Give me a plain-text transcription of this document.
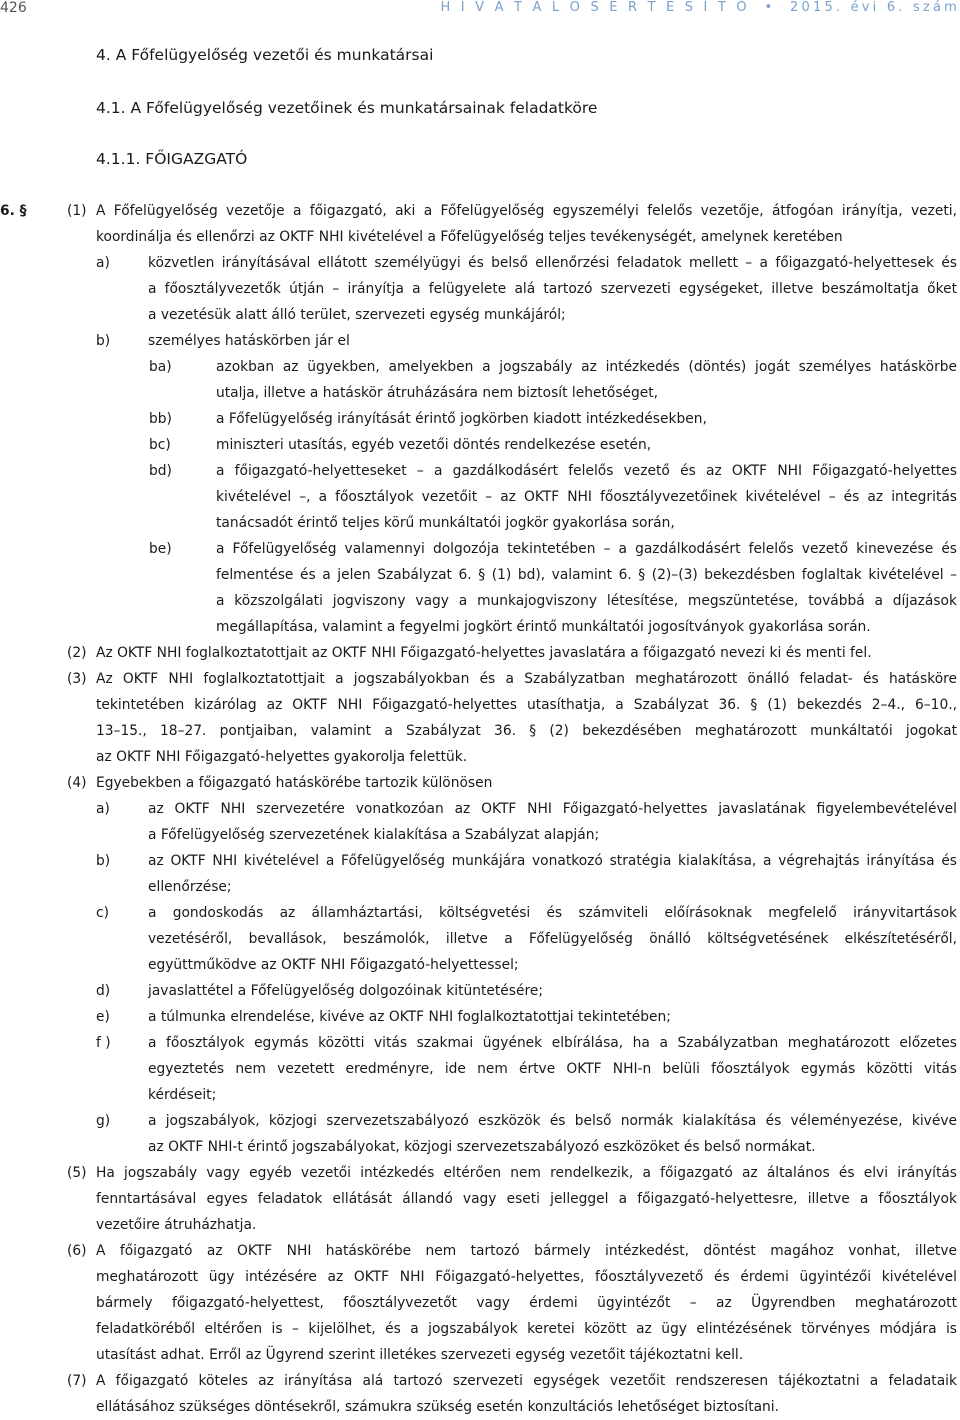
426	H I V A T A L O S É R T E S Í T Ő • 2015. évi 6. szám
4. A Főfelügyelőség vezetői és munkatársai
4.1. A Főfelügyelőség vezetőinek és munkatársainak feladatköre
4.1.1. FŐIGAZGATÓ
6. §	(1) A Főfelügyelőség vezetője a főigazgató, aki a Főfelügyelőség egyszemélyi felelős vezetője, átfogóan irányítja, vezeti,
koordinálja és ellenőrzi az OKTF NHI kivételével a Főfelügyelőség teljes tevékenységét, amelynek keretében
a)	közvetlen irányításával ellátott személyügyi és belső ellenőrzési feladatok mellett – a főigazgató-helyettesek és
a főosztályvezetők útján – irányítja a felügyelete alá tartozó szervezeti egységeket, illetve beszámoltatja őket
a vezetésük alatt álló terület, szervezeti egység munkájáról;
b)	személyes hatáskörben jár el
ba)	azokban az ügyekben, amelyekben a jogszabály az intézkedés (döntés) jogát személyes hatáskörbe
utalja, illetve a hatáskör átruházására nem biztosít lehetőséget,
bb)	a Főfelügyelőség irányítását érintő jogkörben kiadott intézkedésekben,
bc)	miniszteri utasítás, egyéb vezetői döntés rendelkezése esetén,
bd)	a főigazgató-helyetteseket – a gazdálkodásért felelős vezető és az OKTF NHI Főigazgató-helyettes
kivételével –, a főosztályok vezetőit – az OKTF NHI főosztályvezetőinek kivételével – és az integritás
tanácsadót érintő teljes körű munkáltatói jogkör gyakorlása során,
be)	a Főfelügyelőség valamennyi dolgozója tekintetében – a gazdálkodásért felelős vezető kinevezése és
felmentése és a jelen Szabályzat 6. § (1) bd), valamint 6. § (2)–(3) bekezdésben foglaltak kivételével –
a közszolgálati jogviszony vagy a munkajogviszony létesítése, megszüntetése, továbbá a díjazások
megállapítása, valamint a fegyelmi jogkört érintő munkáltatói jogosítványok gyakorlása során.
(2) Az OKTF NHI foglalkoztatottjait az OKTF NHI Főigazgató-helyettes javaslatára a főigazgató nevezi ki és menti fel.
(3) Az OKTF NHI foglalkoztatottjait a jogszabályokban és a Szabályzatban meghatározott önálló feladat- és hatásköre
tekintetében kizárólag az OKTF NHI Főigazgató-helyettes utasíthatja, a Szabályzat 36. § (1) bekezdés 2–4., 6–10.,
13–15., 18–27. pontjaiban, valamint a Szabályzat 36. § (2) bekezdésében meghatározott munkáltatói jogokat
az OKTF NHI Főigazgató-helyettes gyakorolja felettük.
(4) Egyebekben a főigazgató hatáskörébe tartozik különösen
a)	az OKTF NHI szervezetére vonatkozóan az OKTF NHI Főigazgató-helyettes javaslatának figyelembevételével
a Főfelügyelőség szervezetének kialakítása a Szabályzat alapján;
b)	az OKTF NHI kivételével a Főfelügyelőség munkájára vonatkozó stratégia kialakítása, a végrehajtás irányítása és
ellenőrzése;
c)	a gondoskodás az államháztartási, költségvetési és számviteli előírásoknak megfelelő irányvitartások
vezetéséről, bevallások, beszámolók, illetve a Főfelügyelőség önálló költségvetésének elkészítetéséről,
együttműködve az OKTF NHI Főigazgató-helyettessel;
d)	javaslattétel a Főfelügyelőség dolgozóinak kitüntetésére;
e)	a túlmunka elrendelése, kivéve az OKTF NHI foglalkoztatottjai tekintetében;
f )	a főosztályok egymás közötti vitás szakmai ügyének elbírálása, ha a Szabályzatban meghatározott előzetes
egyeztetés nem vezetett eredményre, ide nem értve OKTF NHI-n belüli főosztályok egymás közötti vitás
kérdéseit;
g)	a jogszabályok, közjogi szervezetszabályozó eszközök és belső normák kialakítása és véleményezése, kivéve
az OKTF NHI-t érintő jogszabályokat, közjogi szervezetszabályozó eszközöket és belső normákat.
(5) Ha jogszabály vagy egyéb vezetői intézkedés eltérően nem rendelkezik, a főigazgató az általános és elvi irányítás
fenntartásával egyes feladatok ellátását állandó vagy eseti jelleggel a főigazgató-helyettesre, illetve a főosztályok
vezetőire átruházhatja.
(6) A főigazgató az OKTF NHI hatáskörébe nem tartozó bármely intézkedést, döntést magához vonhat, illetve
meghatározott ügy intézésére az OKTF NHI Főigazgató-helyettes, főosztályvezető és érdemi ügyintézői kivételével
bármely főigazgató-helyettest, főosztályvezetőt vagy érdemi ügyintézőt – az Ügyrendben meghatározott
feladatköréből eltérően is – kijelölhet, és a jogszabályok keretei között az ügy elintézésének törvényes módjára is
utasítást adhat. Erről az Ügyrend szerint illetékes szervezeti egység vezetőit tájékoztatni kell.
(7) A főigazgató köteles az irányítása alá tartozó szervezeti egységek vezetőit rendszeresen tájékoztatni a feladataik
ellátásához szükséges döntésekről, számukra szükség esetén konzultációs lehetőséget biztosítani.
